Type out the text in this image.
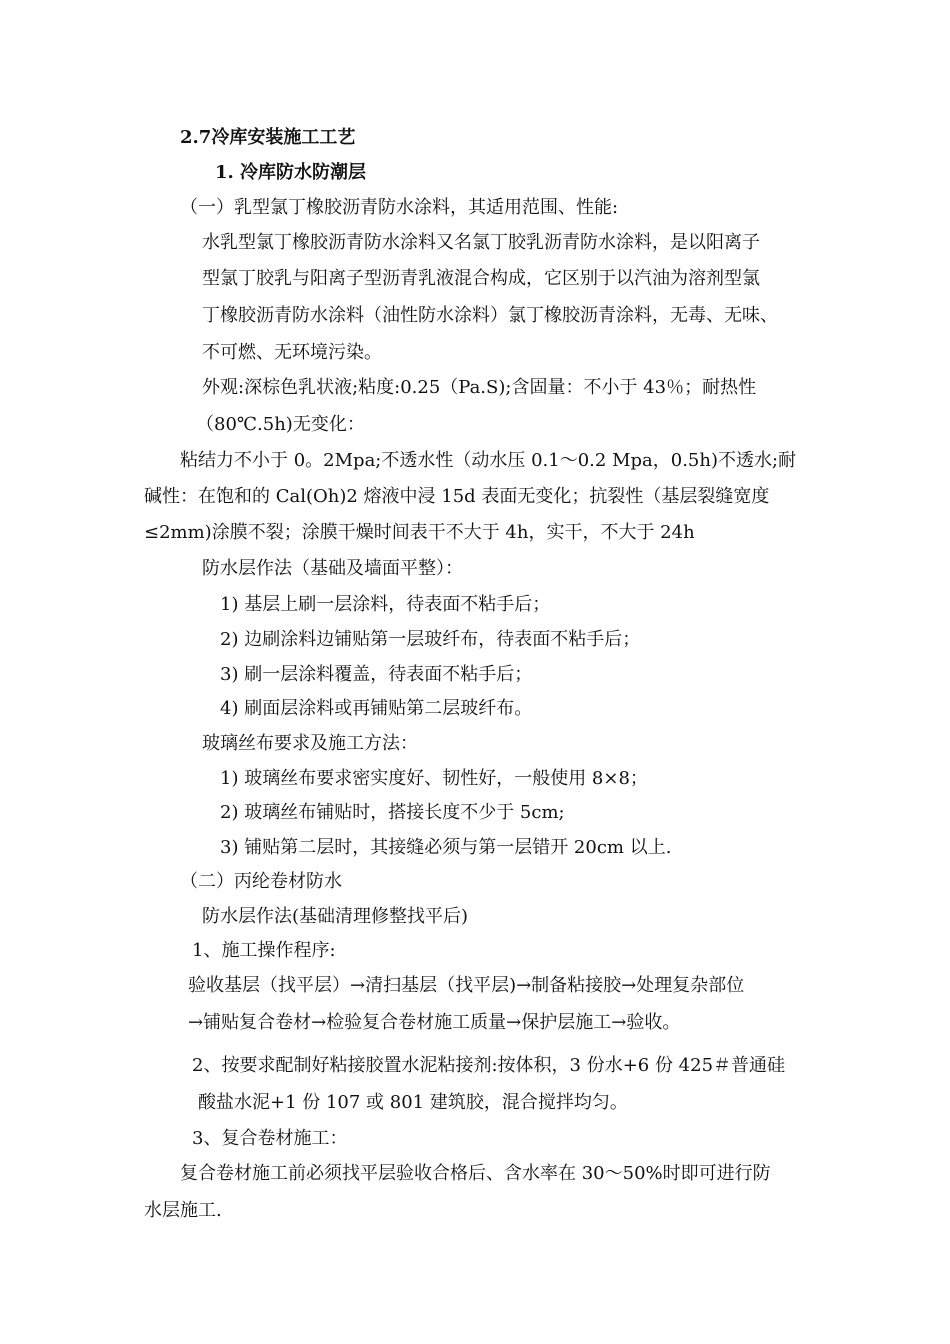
2.7冷库安装施工工艺
1. 冷库防水防潮层
（一）乳型氯丁橡胶沥青防水涂料，其适用范围、性能:
水乳型氯丁橡胶沥青防水涂料又名氯丁胶乳沥青防水涂料，是以阳离子
型氯丁胶乳与阳离子型沥青乳液混合构成，它区别于以汽油为溶剂型氯
丁橡胶沥青防水涂料（油性防水涂料）氯丁橡胶沥青涂料，无毒、无味、
不可燃、无环境污染。
外观:深棕色乳状液;粘度:0.25（Pa.S);含固量：不小于 43％；耐热性
（80℃.5h)无变化：
粘结力不小于 0。2Mpa;不透水性（动水压 0.1～0.2 Mpa，0.5h)不透水;耐
碱性：在饱和的 Cal(Oh)2 熔液中浸 15d 表面无变化；抗裂性（基层裂缝宽度
≤2mm)涂膜不裂；涂膜干燥时间表干不大于 4h，实干，不大于 24h
防水层作法（基础及墙面平整）：
1) 基层上刷一层涂料，待表面不粘手后；
2) 边刷涂料边铺贴第一层玻纤布，待表面不粘手后；
3) 刷一层涂料覆盖，待表面不粘手后；
4) 刷面层涂料或再铺贴第二层玻纤布。
玻璃丝布要求及施工方法：
1) 玻璃丝布要求密实度好、韧性好，一般使用 8×8；
2) 玻璃丝布铺贴时，搭接长度不少于 5cm;
3) 铺贴第二层时，其接缝必须与第一层错开 20cm 以上.
（二）丙纶卷材防水
防水层作法(基础清理修整找平后)
1、施工操作程序:
验收基层（找平层）→清扫基层（找平层)→制备粘接胶→处理复杂部位
→铺贴复合卷材→检验复合卷材施工质量→保护层施工→验收。
2、按要求配制好粘接胶置水泥粘接剂:按体积，3 份水+6 份 425＃普通硅
酸盐水泥+1 份 107 或 801 建筑胶，混合搅拌均匀。
3、复合卷材施工：
复合卷材施工前必须找平层验收合格后、含水率在 30～50%时即可进行防
水层施工.
